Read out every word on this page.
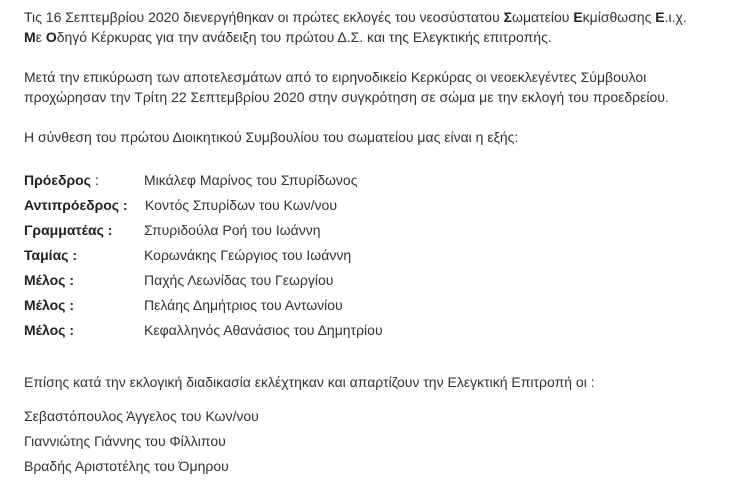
Τις 16 Σεπτεμβρίου 2020 διενεργήθηκαν οι πρώτες εκλογές του νεοσύστατου Σωματείου Εκμίσθωσης Ε.ι.χ.
Με Οδηγό Κέρκυρας για την ανάδειξη του πρώτου Δ.Σ. και της Ελεγκτικής επιτροπής.

Μετά την επικύρωση των αποτελεσμάτων από το ειρηνοδικείο Κερκύρας οι νεοεκλεγέντες Σύμβουλοι προχώρησαν την Τρίτη 22 Σεπτεμβρίου 2020 στην συγκρότηση σε σώμα με την εκλογή του προεδρείου.

Η σύνθεση του πρώτου Διοικητικού Συμβουλίου του σωματείου μας είναι η εξής:

Πρόεδρος :	Μικάλεφ Μαρίνος του Σπυρίδωνος
Αντιπρόεδρος :	Κοντός Σπυρίδων του Κων/νου
Γραμματέας :	Σπυριδούλα Ροή του Ιωάννη
Ταμίας :	Κορωνάκης Γεώργιος του Ιωάννη
Μέλος :	Παχής Λεωνίδας του Γεωργίου
Μέλος :	Πελάης Δημήτριος του Αντωνίου
Μέλος :	Κεφαλληνός Αθανάσιος του Δημητρίου

Επίσης κατά την εκλογική διαδικασία εκλέχτηκαν και απαρτίζουν την Ελεγκτική Επιτροπή οι :

Σεβαστόπουλος Άγγελος του Κων/νου

Γιαννιώτης Γιάννης του Φίλλιπου

Βραδής Αριστοτέλης του Όμηρου
